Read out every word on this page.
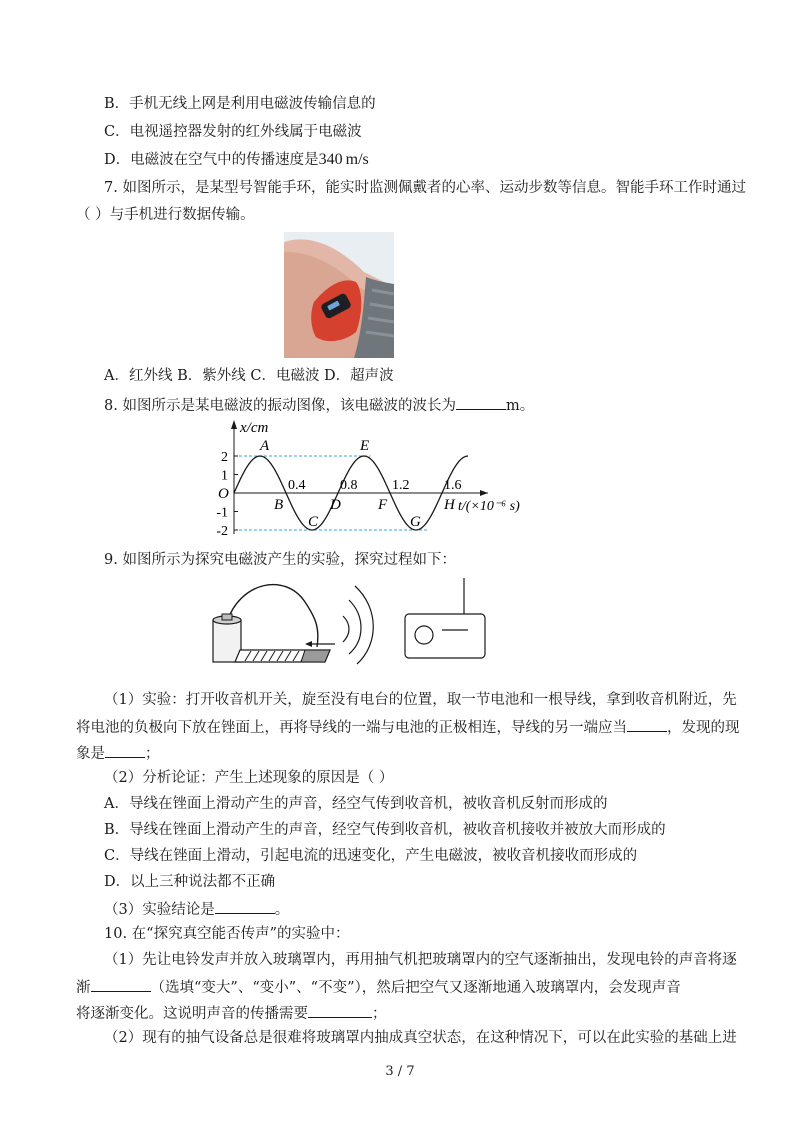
B．手机无线上网是利用电磁波传输信息的
C．电视遥控器发射的红外线属于电磁波
D．电磁波在空气中的传播速度是340 m/s
7. 如图所示，是某型号智能手环，能实时监测佩戴者的心率、运动步数等信息。智能手环工作时通过
（ ）与手机进行数据传输。
A．红外线 B．紫外线 C．电磁波 D．超声波
8. 如图所示是某电磁波的振动图像，该电磁波的波长为	m。
x/cm
t/(×10⁻⁶ s)
O
2
1
-1
-2
0.4 0.8 1.2 1.6
A
B
C
D
E
F
G
H
9. 如图所示为探究电磁波产生的实验，探究过程如下：
（1）实验：打开收音机开关，旋至没有电台的位置，取一节电池和一根导线，拿到收音机附近，先
将电池的负极向下放在锉面上，再将导线的一端与电池的正极相连，导线的另一端应当	，发现的现
象是	；
（2）分析论证：产生上述现象的原因是（ ）
A．导线在锉面上滑动产生的声音，经空气传到收音机，被收音机反射而形成的
B．导线在锉面上滑动产生的声音，经空气传到收音机，被收音机接收并被放大而形成的
C．导线在锉面上滑动，引起电流的迅速变化，产生电磁波，被收音机接收而形成的
D．以上三种说法都不正确
（3）实验结论是	。
10. 在“探究真空能否传声”的实验中：
（1）先让电铃发声并放入玻璃罩内，再用抽气机把玻璃罩内的空气逐渐抽出，发现电铃的声音将逐
渐	（选填“变大”、“变小”、“不变”），然后把空气又逐渐地通入玻璃罩内，会发现声音
将逐渐变化。这说明声音的传播需要	；
（2）现有的抽气设备总是很难将玻璃罩内抽成真空状态，在这种情况下，可以在此实验的基础上进
3 / 7
